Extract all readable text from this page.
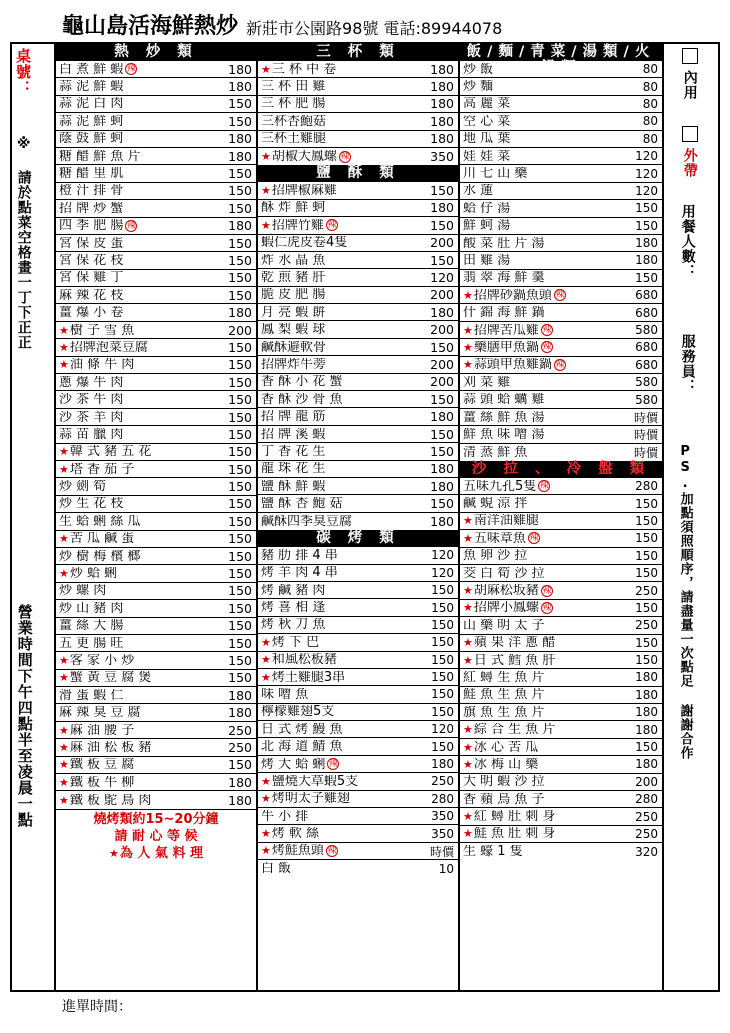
龜山島活海鮮熱炒 新莊市公園路98號 電話:89944078
桌號：
※ 請於點菜空格畫一丁下正正
營業時間下午四點半至凌晨一點
熱 炒 類
白 煮 鮮 蝦 辣	180
蒜 泥 鮮 蝦	180
蒜 泥 白 肉	150
蒜 泥 鮮 蚵	150
蔭 鼓 鮮 蚵	180
糖 醋 鮮 魚 片	180
糖 醋 里 肌	150
橙 汁 排 骨	150
招 牌 炒 蟹	150
四 季 肥 腸 辣	180
宮 保 皮 蛋	150
宮 保 花 枝	150
宮 保 雞 丁	150
麻 辣 花 枝	150
薑 爆 小 卷	180
★ 樹 子 雪 魚	200
★ 招牌泡菜豆腐	150
★ 油 條 牛 肉	150
蔥 爆 牛 肉	150
沙 茶 牛 肉	150
沙 茶 羊 肉	150
蒜 苗 臘 肉	150
★ 韓 式 豬 五 花	150
★ 塔 香 茄 子	150
炒 劍 筍	150
炒 生 花 枝	150
生 蛤 蜊 絲 瓜	150
★ 苦 瓜 鹹 蛋	150
炒 樹 梅 檳 榔	150
★ 炒 蛤 蜊	150
炒 螺 肉	150
炒 山 豬 肉	150
薑 絲 大 腸	150
五 更 腸 旺	150
★ 客 家 小 炒	150
★ 蟹 黃 豆 腐 煲	150
滑 蛋 蝦 仁	180
麻 辣 臭 豆 腐	180
★ 麻 油 腰 子	250
★ 麻 油 松 板 豬	250
★ 鐵 板 豆 腐	150
★ 鐵 板 牛 柳	180
★ 鐵 板 鴕 鳥 肉	180
燒烤類約15~20分鐘
請 耐 心 等 候
★為 人 氣 料 理
三 杯 類
★ 三 杯 中 卷	180
三 杯 田 雞	180
三 杯 肥 腸	180
三杯杏鮑菇	180
三杯土雞腿	180
★ 胡椒大鳳螺 辣	350
鹽 酥 類
★ 招牌椒麻雞	150
酥 炸 鮮 蚵	180
★ 招牌竹雞 辣	150
蝦仁虎皮卷4隻	200
炸 水 晶 魚	150
乾 煎 豬 肝	120
脆 皮 肥 腸	200
月 亮 蝦 餅	180
鳳 梨 蝦 球	200
鹹酥避軟骨	150
招牌炸牛蒡	200
香 酥 小 花 蟹	200
香 酥 沙 骨 魚	150
招 牌 龍 筋	180
招 牌 溪 蝦	150
丁 香 花 生	150
龍 珠 花 生	180
鹽 酥 鮮 蝦	180
鹽 酥 杏 鮑 菇	150
鹹酥四季臭豆腐	180
碳 烤 類
豬 肋 排 4 串	120
烤 羊 肉 4 串	120
烤 鹹 豬 肉	150
烤 喜 相 逢	150
烤 秋 刀 魚	150
★ 烤 下 巴	150
★ 和風松板豬	150
★ 烤土雞腿3串	150
味 噌 魚	150
檸檬雞翅5支	150
日 式 烤 鰻 魚	120
北 海 道 鯖 魚	150
烤 大 蛤 蜊 辣	180
★ 鹽燒大草蝦5支	250
★ 烤明太子雞翅	280
牛 小 排	350
★ 烤 軟 絲	350
★ 烤鮭魚頭 辣	時價
白 飯	10
飯/麵/青菜/湯類/火鍋類
炒 飯	80
炒 麵	80
高 麗 菜	80
空 心 菜	80
地 瓜 葉	80
娃 娃 菜	120
川 七 山 藥	120
水 蓮	120
蛤 仔 湯	150
鮮 蚵 湯	150
酸 菜 肚 片 湯	180
田 雞 湯	180
翡 翠 海 鮮 羹	150
★ 招牌砂鍋魚頭 辣	680
什 錦 海 鮮 鍋	680
★ 招牌苦瓜雞 辣	580
★ 藥膳甲魚鍋 辣	680
★ 蒜頭甲魚雞鍋 辣	680
刈 菜 雞	580
蒜 頭 蛤 蠣 雞	580
薑 絲 鮮 魚 湯	時價
鮮 魚 味 噌 湯	時價
清 蒸 鮮 魚	時價
沙 拉 、 冷 盤 類
五味九孔5隻 辣	280
鹹 蜆 涼 拌	150
★ 南洋油雞腿	150
★ 五味章魚 辣	150
魚 卵 沙 拉	150
茭 白 筍 沙 拉	150
★ 胡麻松坂豬 辣	250
★ 招牌小鳳螺 辣	150
山 藥 明 太 子	250
★ 蘋 果 洋 蔥 醋	150
★ 日 式 鱈 魚 肝	150
紅 蟳 生 魚 片	180
鮭 魚 生 魚 片	180
旗 魚 生 魚 片	180
★ 綜 合 生 魚 片	180
★ 冰 心 苦 瓜	150
★ 冰 梅 山 藥	180
大 明 蝦 沙 拉	200
香 蘋 烏 魚 子	280
★ 紅 蟳 肚 刺 身	250
★ 鮭 魚 肚 刺 身	250
生 蠔 1 隻	320
內用
外帶
用餐人數：
服務員：
PS.加點須照順序，請盡量一次點足 謝謝合作
進單時間：
